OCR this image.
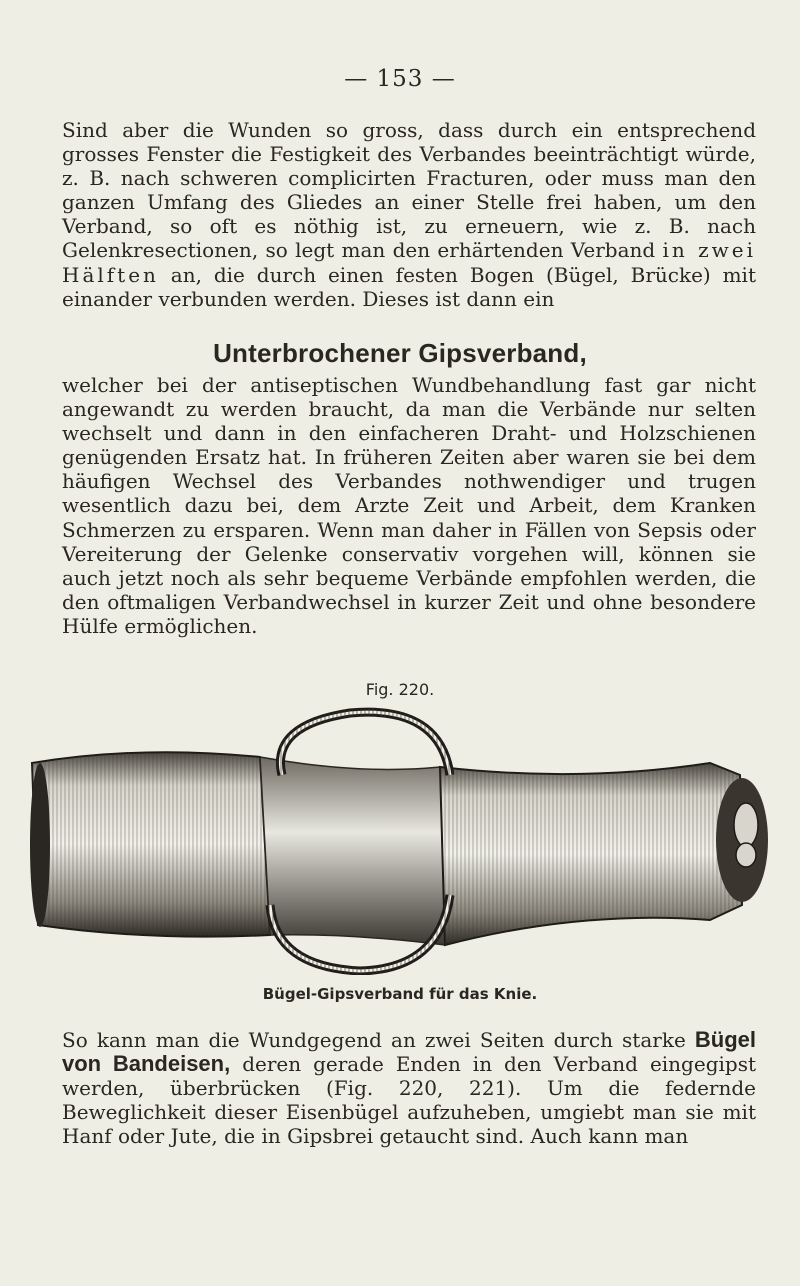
— 153 —

Sind aber die Wunden so gross, dass durch ein entsprechend grosses Fenster die Festigkeit des Verbandes beeinträchtigt würde, z. B. nach schweren complicirten Fracturen, oder muss man den ganzen Umfang des Gliedes an einer Stelle frei haben, um den Verband, so oft es nöthig ist, zu erneuern, wie z. B. nach Gelenkresectionen, so legt man den erhärtenden Verband in zwei Hälften an, die durch einen festen Bogen (Bügel, Brücke) mit einander verbunden werden. Dieses ist dann ein

Unterbrochener Gipsverband,

welcher bei der antiseptischen Wundbehandlung fast gar nicht angewandt zu werden braucht, da man die Verbände nur selten wechselt und dann in den einfacheren Draht- und Holzschienen genügenden Ersatz hat. In früheren Zeiten aber waren sie bei dem häufigen Wechsel des Verbandes nothwendiger und trugen wesentlich dazu bei, dem Arzte Zeit und Arbeit, dem Kranken Schmerzen zu ersparen. Wenn man daher in Fällen von Sepsis oder Vereiterung der Gelenke conservativ vorgehen will, können sie auch jetzt noch als sehr bequeme Verbände empfohlen werden, die den oftmaligen Verbandwechsel in kurzer Zeit und ohne besondere Hülfe ermöglichen.

Fig. 220.
Bügel-Gipsverband für das Knie.

So kann man die Wundgegend an zwei Seiten durch starke Bügel von Bandeisen, deren gerade Enden in den Verband eingegipst werden, überbrücken (Fig. 220, 221). Um die federnde Beweglichkeit dieser Eisenbügel aufzuheben, umgiebt man sie mit Hanf oder Jute, die in Gipsbrei getaucht sind. Auch kann man
